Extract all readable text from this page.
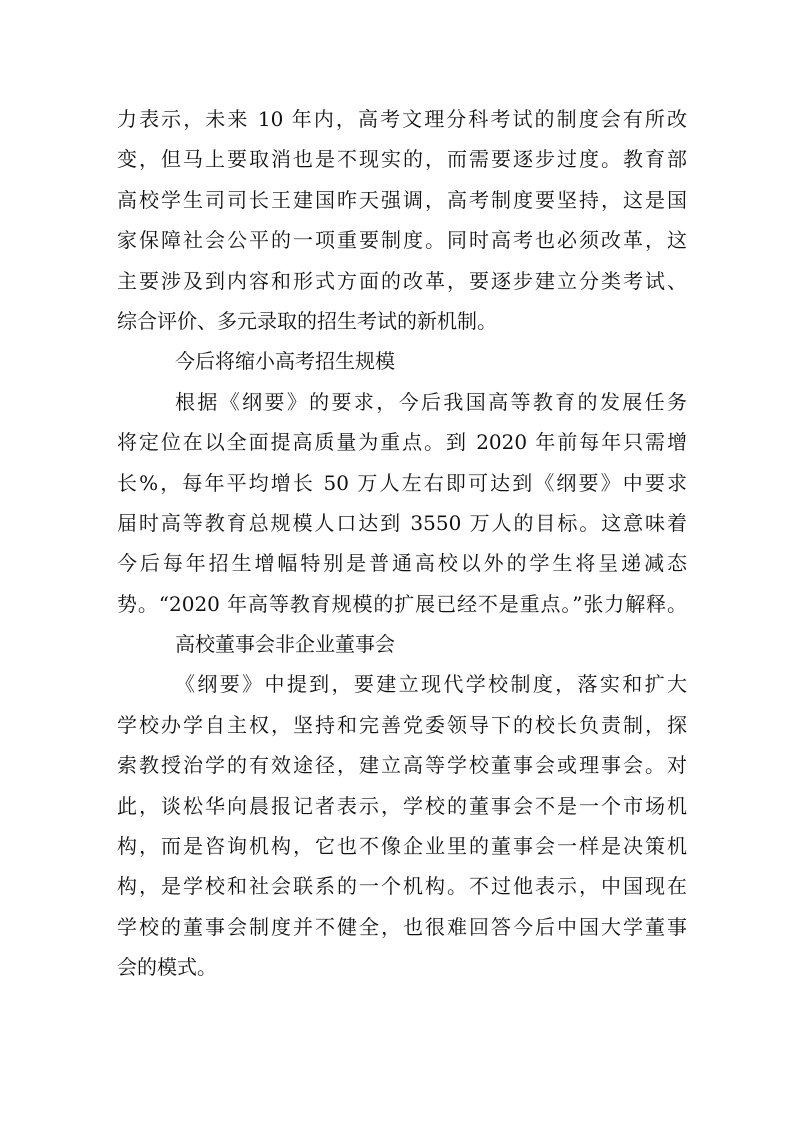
力表示，未来 10 年内，高考文理分科考试的制度会有所改
变，但马上要取消也是不现实的，而需要逐步过度。教育部
高校学生司司长王建国昨天强调，高考制度要坚持，这是国
家保障社会公平的一项重要制度。同时高考也必须改革，这
主要涉及到内容和形式方面的改革，要逐步建立分类考试、
综合评价、多元录取的招生考试的新机制。
今后将缩小高考招生规模
根据《纲要》的要求，今后我国高等教育的发展任务
将定位在以全面提高质量为重点。到 2020 年前每年只需增
长%，每年平均增长 50 万人左右即可达到《纲要》中要求
届时高等教育总规模人口达到 3550 万人的目标。这意味着
今后每年招生增幅特别是普通高校以外的学生将呈递减态
势。“2020 年高等教育规模的扩展已经不是重点。”张力解释。
高校董事会非企业董事会
《纲要》中提到，要建立现代学校制度，落实和扩大
学校办学自主权，坚持和完善党委领导下的校长负责制，探
索教授治学的有效途径，建立高等学校董事会或理事会。对
此，谈松华向晨报记者表示，学校的董事会不是一个市场机
构，而是咨询机构，它也不像企业里的董事会一样是决策机
构，是学校和社会联系的一个机构。不过他表示，中国现在
学校的董事会制度并不健全，也很难回答今后中国大学董事
会的模式。
